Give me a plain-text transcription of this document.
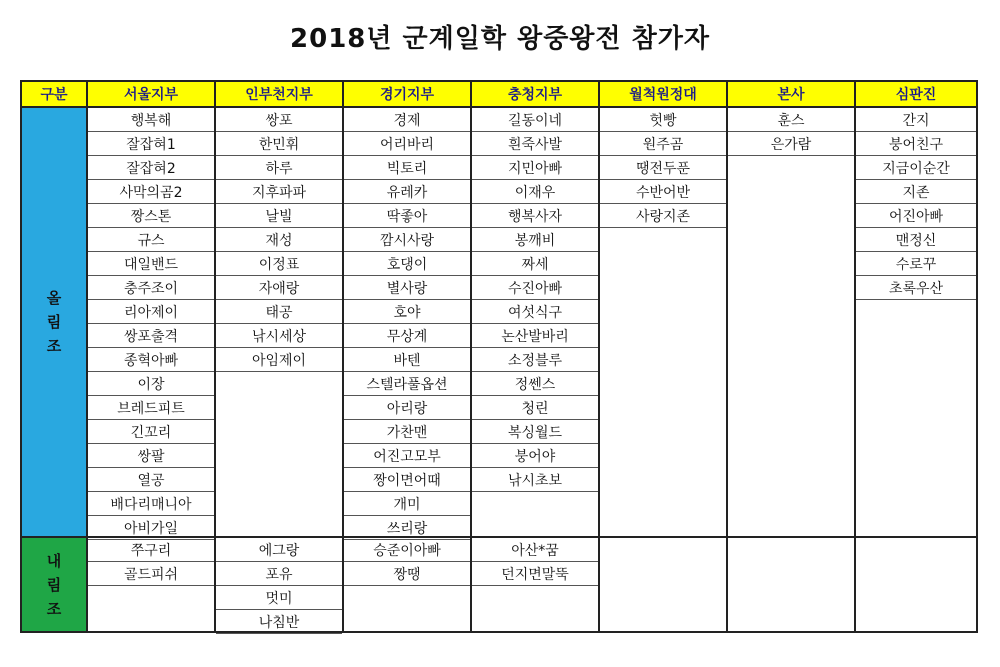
2018년 군계일학 왕중왕전 참가자
구분
올
림
조
내
림
조
서울지부
행복해
잘잡혀1
잘잡혀2
사막의곰2
짱스톤
규스
대일밴드
충주조이
리아제이
쌍포출격
종혁아빠
이장
브레드피트
긴꼬리
쌍팔
열공
배다리매니아
아비가일
쭈구리
골드피쉬
인부천지부
쌍포
한민휘
하루
지후파파
날빌
재성
이정표
자애랑
태공
낚시세상
아임제이
에그랑
포유
멋미
나침반
경기지부
경제
어리바리
빅토리
유레카
딱좋아
깜시사랑
호댕이
별사랑
호야
무상계
바텐
스텔라풀옵션
아리랑
가찬맨
어진고모부
짱이면어때
개미
쓰리랑
승준이아빠
짱땡
충청지부
길동이네
흰죽사발
지민아빠
이재우
행복사자
봉깨비
짜세
수진아빠
여섯식구
논산발바리
소정블루
정쎈스
청린
복싱월드
붕어야
낚시초보
아산*꿈
던지면말뚝
월척원정대
헛빵
원주곰
땡전두푼
수반어반
사랑지존
본사
훈스
은가람
심판진
간지
붕어친구
지금이순간
지존
어진아빠
맨정신
수로꾸
초록우산
